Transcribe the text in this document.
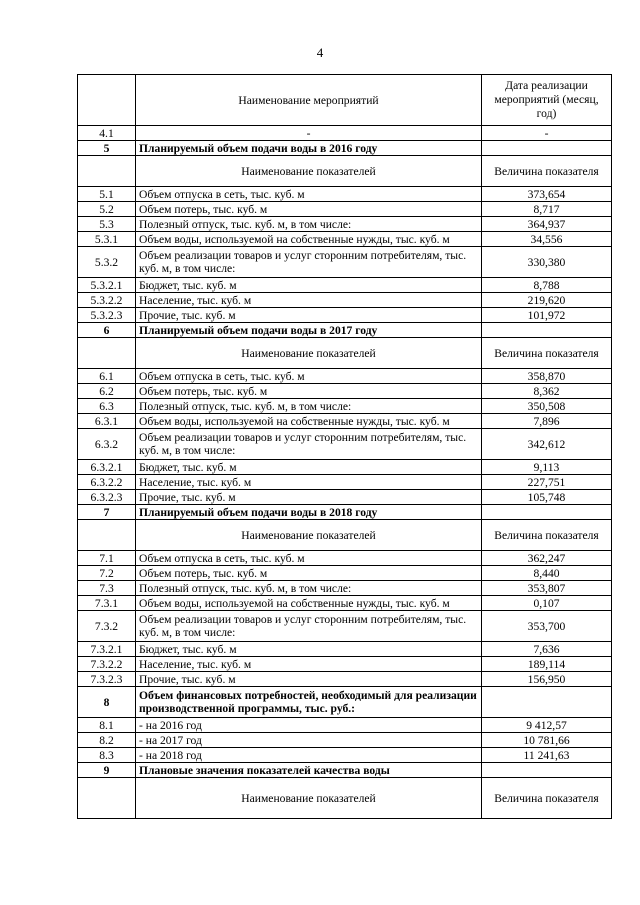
4
	Наименование мероприятий	Дата реализации мероприятий (месяц, год)
4.1	-	-
5	Планируемый объем подачи воды в 2016 году	
	Наименование показателей	Величина показателя
5.1	Объем отпуска в сеть, тыс. куб. м	373,654
5.2	Объем потерь, тыс. куб. м	8,717
5.3	Полезный отпуск, тыс. куб. м, в том числе:	364,937
5.3.1	Объем воды, используемой на собственные нужды, тыс. куб. м	34,556
5.3.2	Объем реализации товаров и услуг сторонним потребителям, тыс. куб. м, в том числе:	330,380
5.3.2.1	Бюджет, тыс. куб. м	8,788
5.3.2.2	Население, тыс. куб. м	219,620
5.3.2.3	Прочие, тыс. куб. м	101,972
6	Планируемый объем подачи воды в 2017 году	
	Наименование показателей	Величина показателя
6.1	Объем отпуска в сеть, тыс. куб. м	358,870
6.2	Объем потерь, тыс. куб. м	8,362
6.3	Полезный отпуск, тыс. куб. м, в том числе:	350,508
6.3.1	Объем воды, используемой на собственные нужды, тыс. куб. м	7,896
6.3.2	Объем реализации товаров и услуг сторонним потребителям, тыс. куб. м, в том числе:	342,612
6.3.2.1	Бюджет, тыс. куб. м	9,113
6.3.2.2	Население, тыс. куб. м	227,751
6.3.2.3	Прочие, тыс. куб. м	105,748
7	Планируемый объем подачи воды в 2018 году	
	Наименование показателей	Величина показателя
7.1	Объем отпуска в сеть, тыс. куб. м	362,247
7.2	Объем потерь, тыс. куб. м	8,440
7.3	Полезный отпуск, тыс. куб. м, в том числе:	353,807
7.3.1	Объем воды, используемой на собственные нужды, тыс. куб. м	0,107
7.3.2	Объем реализации товаров и услуг сторонним потребителям, тыс. куб. м, в том числе:	353,700
7.3.2.1	Бюджет, тыс. куб. м	7,636
7.3.2.2	Население, тыс. куб. м	189,114
7.3.2.3	Прочие, тыс. куб. м	156,950
8	Объем финансовых потребностей, необходимый для реализации производственной программы, тыс. руб.:	
8.1	- на 2016 год	9 412,57
8.2	- на 2017 год	10 781,66
8.3	- на 2018 год	11 241,63
9	Плановые значения показателей качества воды	
	Наименование показателей	Величина показателя
